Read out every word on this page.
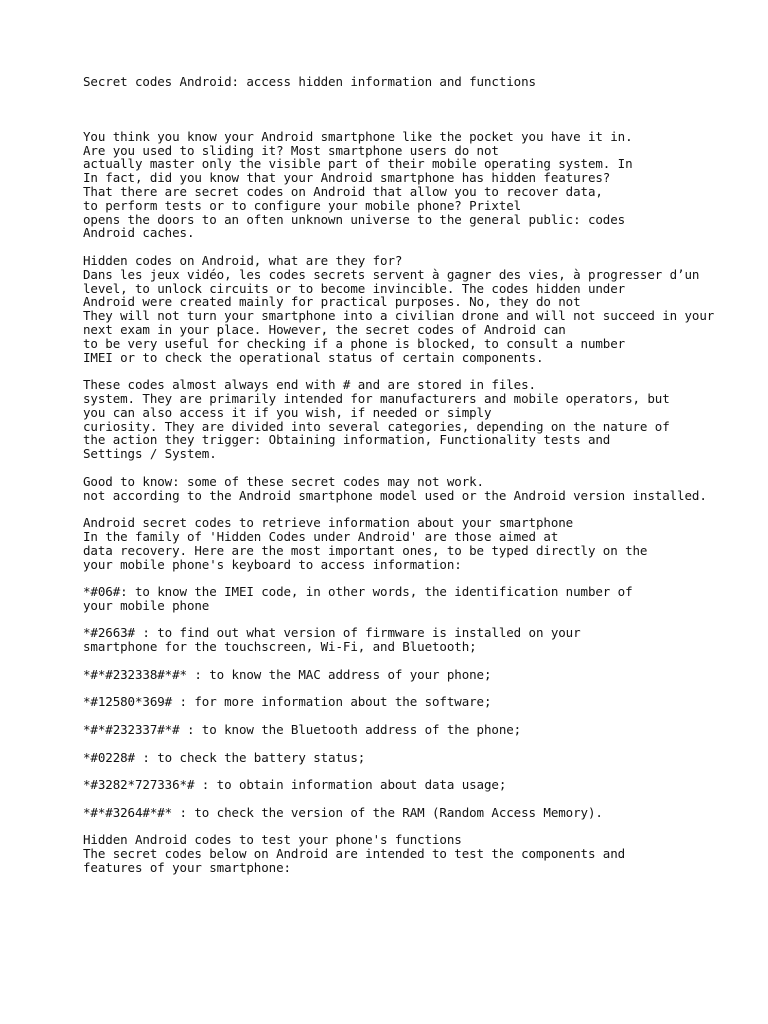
Secret codes Android: access hidden information and functions
You think you know your Android smartphone like the pocket you have it in.
Are you used to sliding it? Most smartphone users do not
actually master only the visible part of their mobile operating system. In
In fact, did you know that your Android smartphone has hidden features?
That there are secret codes on Android that allow you to recover data,
to perform tests or to configure your mobile phone? Prixtel
opens the doors to an often unknown universe to the general public: codes
Android caches.
Hidden codes on Android, what are they for?
Dans les jeux vidéo, les codes secrets servent à gagner des vies, à progresser d’un
level, to unlock circuits or to become invincible. The codes hidden under
Android were created mainly for practical purposes. No, they do not
They will not turn your smartphone into a civilian drone and will not succeed in your
next exam in your place. However, the secret codes of Android can
to be very useful for checking if a phone is blocked, to consult a number
IMEI or to check the operational status of certain components.
These codes almost always end with # and are stored in files.
system. They are primarily intended for manufacturers and mobile operators, but
you can also access it if you wish, if needed or simply
curiosity. They are divided into several categories, depending on the nature of
the action they trigger: Obtaining information, Functionality tests and
Settings / System.
Good to know: some of these secret codes may not work.
not according to the Android smartphone model used or the Android version installed.
Android secret codes to retrieve information about your smartphone
In the family of 'Hidden Codes under Android' are those aimed at
data recovery. Here are the most important ones, to be typed directly on the
your mobile phone's keyboard to access information:
*#06#: to know the IMEI code, in other words, the identification number of
your mobile phone
*#2663# : to find out what version of firmware is installed on your
smartphone for the touchscreen, Wi-Fi, and Bluetooth;
*#*#232338#*#* : to know the MAC address of your phone;
*#12580*369# : for more information about the software;
*#*#232337#*# : to know the Bluetooth address of the phone;
*#0228# : to check the battery status;
*#3282*727336*# : to obtain information about data usage;
*#*#3264#*#* : to check the version of the RAM (Random Access Memory).
Hidden Android codes to test your phone's functions
The secret codes below on Android are intended to test the components and
features of your smartphone:
